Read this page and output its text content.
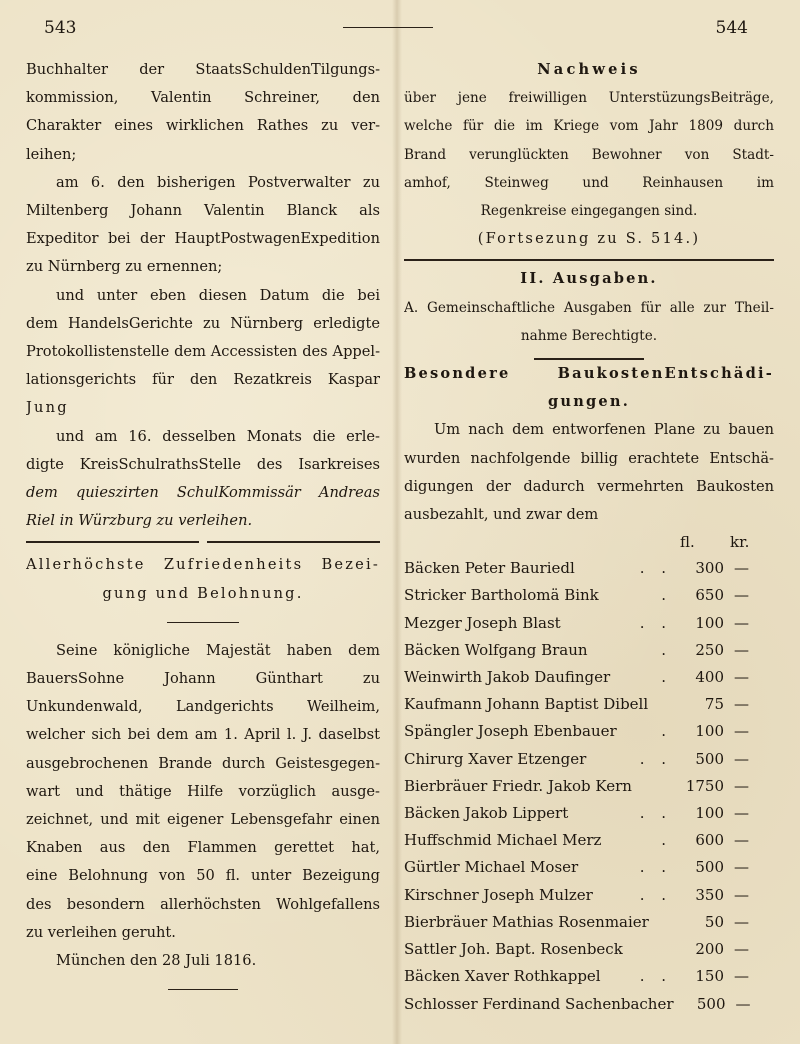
543	544
Buchhalter der StaatsSchuldenTilgungs-
kommission, Valentin Schreiner, den
Charakter eines wirklichen Rathes zu ver-
leihen;
am 6. den bisherigen Postverwalter zu
Miltenberg Johann Valentin Blanck als
Expeditor bei der HauptPostwagenExpedition
zu Nürnberg zu ernennen;
und unter eben diesen Datum die bei
dem HandelsGerichte zu Nürnberg erledigte
Protokollistenstelle dem Accessisten des Appel-
lationsgerichts für den Rezatkreis Kaspar
Jung
und am 16. desselben Monats die erle-
digte KreisSchulrathsStelle des Isarkreises
dem quieszirten SchulKommissär Andreas
Riel in Würzburg zu verleihen.
Allerhöchste Zufriedenheits Bezei-
gung und Belohnung.
Seine königliche Majestät haben dem
BauersSohne Johann Günthart zu
Unkundenwald, Landgerichts Weilheim,
welcher sich bei dem am 1. April l. J. daselbst
ausgebrochenen Brande durch Geistesgegen-
wart und thätige Hilfe vorzüglich ausge-
zeichnet, und mit eigener Lebensgefahr einen
Knaben aus den Flammen gerettet hat,
eine Belohnung von 50 fl. unter Bezeigung
des besondern allerhöchsten Wohlgefallens
zu verleihen geruht.
München den 28 Juli 1816.
Nachweis
über jene freiwilligen UnterstüzungsBeiträge,
welche für die im Kriege vom Jahr 1809 durch
Brand verunglückten Bewohner von Stadt-
amhof, Steinweg und Reinhausen im
Regenkreise eingegangen sind.
(Fortsezung zu S. 514.)
II. Ausgaben.
A. Gemeinschaftliche Ausgaben für alle zur Theil-
nahme Berechtigte.
Besondere BaukostenEntschädi-
gungen.
Um nach dem entworfenen Plane zu bauen
wurden nachfolgende billig erachtete Entschä-
digungen der dadurch vermehrten Baukosten
ausbezahlt, und zwar dem
fl.	kr.
Bäcken Peter Bauriedl	. .	300 —
Stricker Bartholomä Bink	.	650 —
Mezger Joseph Blast	. .	100 —
Bäcken Wolfgang Braun	.	250 —
Weinwirth Jakob Daufinger	.	400 —
Kaufmann Johann Baptist Dibell	75 —
Spängler Joseph Ebenbauer	.	100 —
Chirurg Xaver Etzenger	. .	500 —
Bierbräuer Friedr. Jakob Kern	1750 —
Bäcken Jakob Lippert	. .	100 —
Huffschmid Michael Merz	.	600 —
Gürtler Michael Moser	. .	500 —
Kirschner Joseph Mulzer	. .	350 —
Bierbräuer Mathias Rosenmaier	50 —
Sattler Joh. Bapt. Rosenbeck	200 —
Bäcken Xaver Rothkappel	. .	150 —
Schlosser Ferdinand Sachenbacher	500 —
